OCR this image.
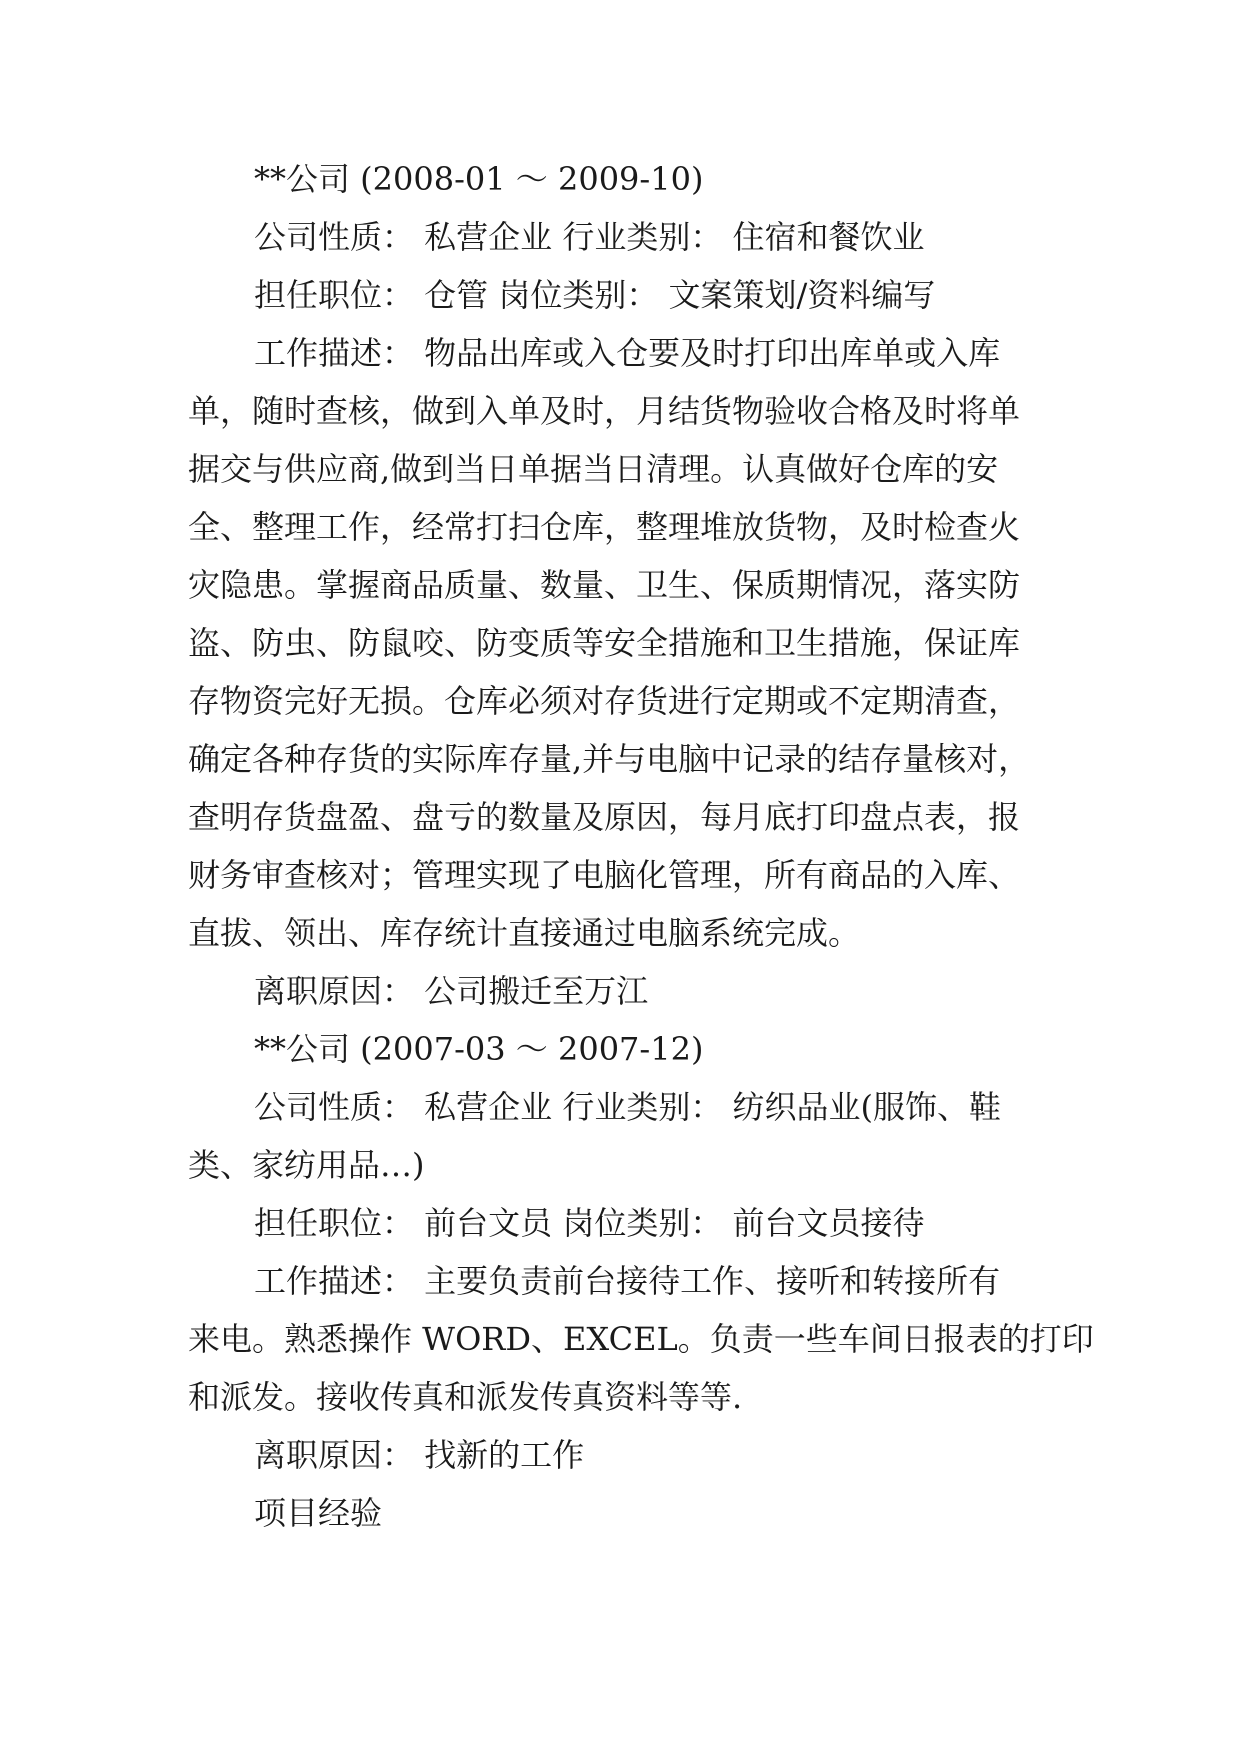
**公司 (2008-01 ～ 2009-10)
公司性质： 私营企业 行业类别： 住宿和餐饮业
担任职位： 仓管 岗位类别： 文案策划/资料编写
工作描述： 物品出库或入仓要及时打印出库单或入库
单，随时查核，做到入单及时，月结货物验收合格及时将单
据交与供应商,做到当日单据当日清理。认真做好仓库的安
全、整理工作，经常打扫仓库，整理堆放货物，及时检查火
灾隐患。掌握商品质量、数量、卫生、保质期情况，落实防
盗、防虫、防鼠咬、防变质等安全措施和卫生措施，保证库
存物资完好无损。仓库必须对存货进行定期或不定期清查，
确定各种存货的实际库存量,并与电脑中记录的结存量核对，
查明存货盘盈、盘亏的数量及原因，每月底打印盘点表，报
财务审查核对；管理实现了电脑化管理，所有商品的入库、
直拔、领出、库存统计直接通过电脑系统完成。
离职原因： 公司搬迁至万江
**公司 (2007-03 ～ 2007-12)
公司性质： 私营企业 行业类别： 纺织品业(服饰、鞋
类、家纺用品…)
担任职位： 前台文员 岗位类别： 前台文员接待
工作描述： 主要负责前台接待工作、接听和转接所有
来电。熟悉操作 WORD、EXCEL。负责一些车间日报表的打印
和派发。接收传真和派发传真资料等等.
离职原因： 找新的工作
项目经验
